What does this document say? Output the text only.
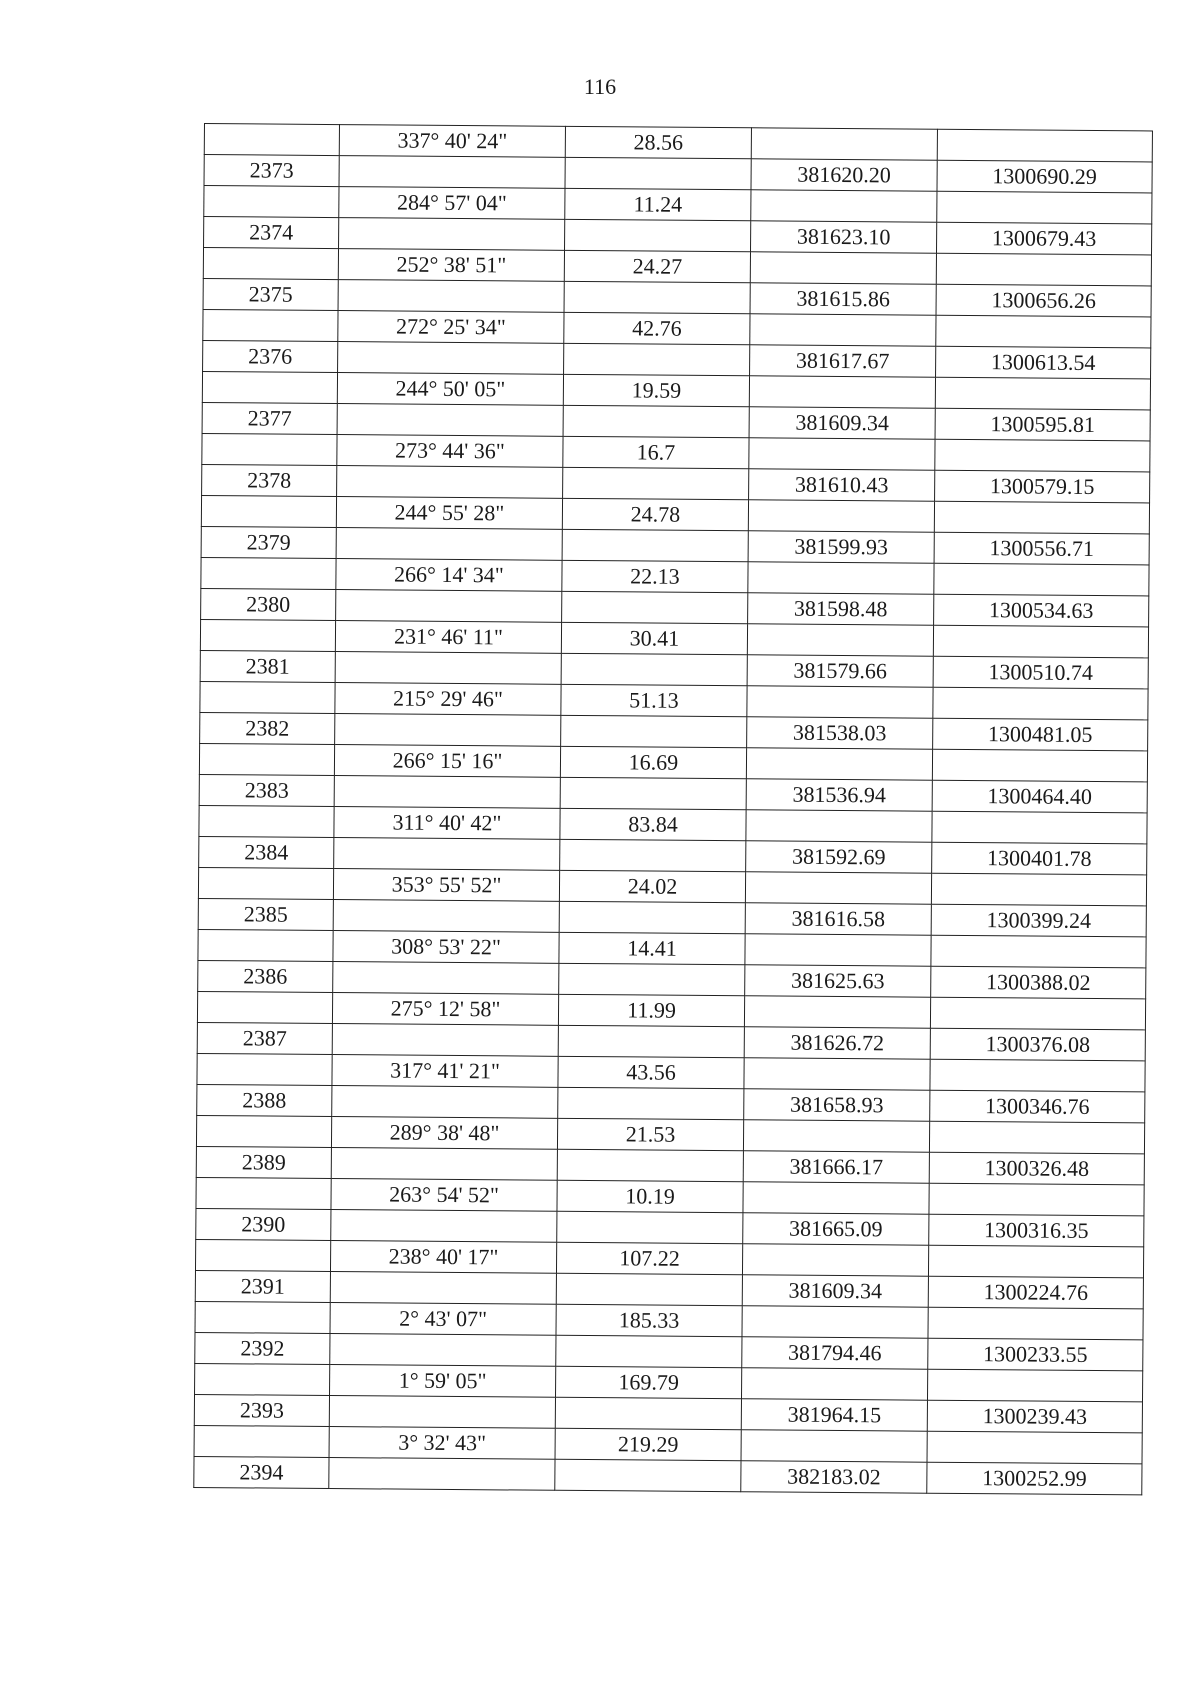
116
	337° 40' 24"	28.56		
2373			381620.20	1300690.29
	284° 57' 04"	11.24		
2374			381623.10	1300679.43
	252° 38' 51"	24.27		
2375			381615.86	1300656.26
	272° 25' 34"	42.76		
2376			381617.67	1300613.54
	244° 50' 05"	19.59		
2377			381609.34	1300595.81
	273° 44' 36"	16.7		
2378			381610.43	1300579.15
	244° 55' 28"	24.78		
2379			381599.93	1300556.71
	266° 14' 34"	22.13		
2380			381598.48	1300534.63
	231° 46' 11"	30.41		
2381			381579.66	1300510.74
	215° 29' 46"	51.13		
2382			381538.03	1300481.05
	266° 15' 16"	16.69		
2383			381536.94	1300464.40
	311° 40' 42"	83.84		
2384			381592.69	1300401.78
	353° 55' 52"	24.02		
2385			381616.58	1300399.24
	308° 53' 22"	14.41		
2386			381625.63	1300388.02
	275° 12' 58"	11.99		
2387			381626.72	1300376.08
	317° 41' 21"	43.56		
2388			381658.93	1300346.76
	289° 38' 48"	21.53		
2389			381666.17	1300326.48
	263° 54' 52"	10.19		
2390			381665.09	1300316.35
	238° 40' 17"	107.22		
2391			381609.34	1300224.76
	2° 43' 07"	185.33		
2392			381794.46	1300233.55
	1° 59' 05"	169.79		
2393			381964.15	1300239.43
	3° 32' 43"	219.29		
2394			382183.02	1300252.99
